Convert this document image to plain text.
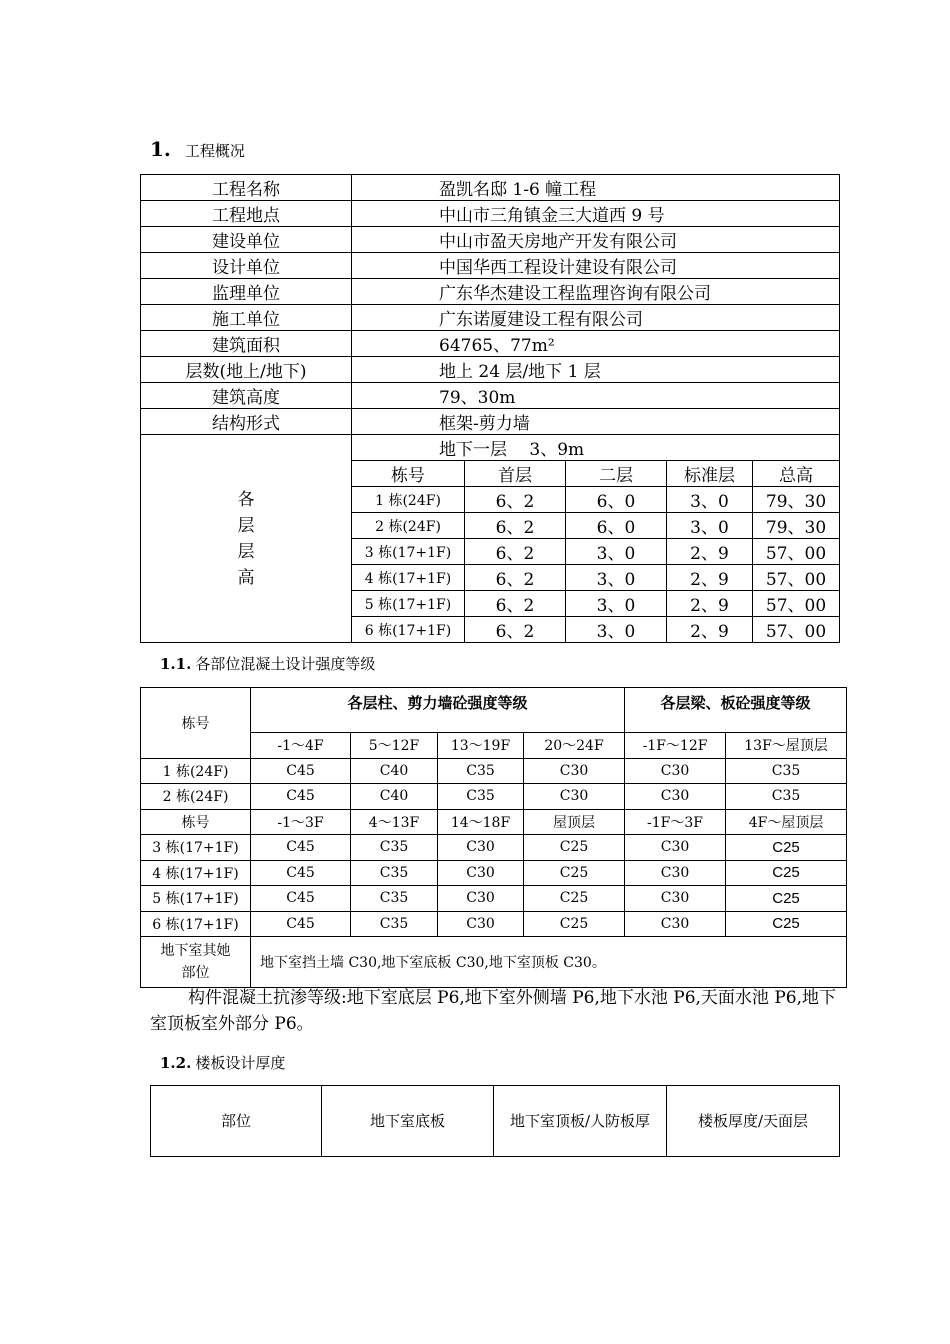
1. 工程概况
工程名称	盈凯名邸 1-6 幢工程				
工程地点	中山市三角镇金三大道西 9 号				
建设单位	中山市盈天房地产开发有限公司				
设计单位	中国华西工程设计建设有限公司				
监理单位	广东华杰建设工程监理咨询有限公司				
施工单位	广东诺厦建设工程有限公司				
建筑面积	64765、77m²				
层数(地上/地下)	地上 24 层/地下 1 层				
建筑高度	79、30m				
结构形式	框架-剪力墙				

各
层
层
高	地下一层　 3、9m				
	栋号	首层	二层	标准层	总高
	1 栋(24F)	6、2	6、0	3、0	79、30
	2 栋(24F)	6、2	6、0	3、0	79、30
	3 栋(17+1F)	6、2	3、0	2、9	57、00
	4 栋(17+1F)	6、2	3、0	2、9	57、00
	5 栋(17+1F)	6、2	3、0	2、9	57、00
	6 栋(17+1F)	6、2	3、0	2、9	57、00
1.1. 各部位混凝土设计强度等级
栋号	各层柱、剪力墙砼强度等级				各层梁、板砼强度等级	
	-1～4F	5～12F	13～19F	20～24F	-1F～12F	13F～屋顶层
1 栋(24F)	C45	C40	C35	C30	C30	C35
2 栋(24F)	C45	C40	C35	C30	C30	C35
栋号	-1～3F	4～13F	14～18F	屋顶层	-1F～3F	4F～屋顶层
3 栋(17+1F)	C45	C35	C30	C25	C30	C25
4 栋(17+1F)	C45	C35	C30	C25	C30	C25
5 栋(17+1F)	C45	C35	C30	C25	C30	C25
6 栋(17+1F)	C45	C35	C30	C25	C30	C25

地下室其她
部位	地下室挡土墙 C30,地下室底板 C30,地下室顶板 C30。					
构件混凝土抗渗等级:地下室底层 P6,地下室外侧墙 P6,地下水池 P6,天面水池 P6,地下室顶板室外部分 P6。
1.2. 楼板设计厚度
部位	地下室底板	地下室顶板/人防板厚	楼板厚度/天面层
